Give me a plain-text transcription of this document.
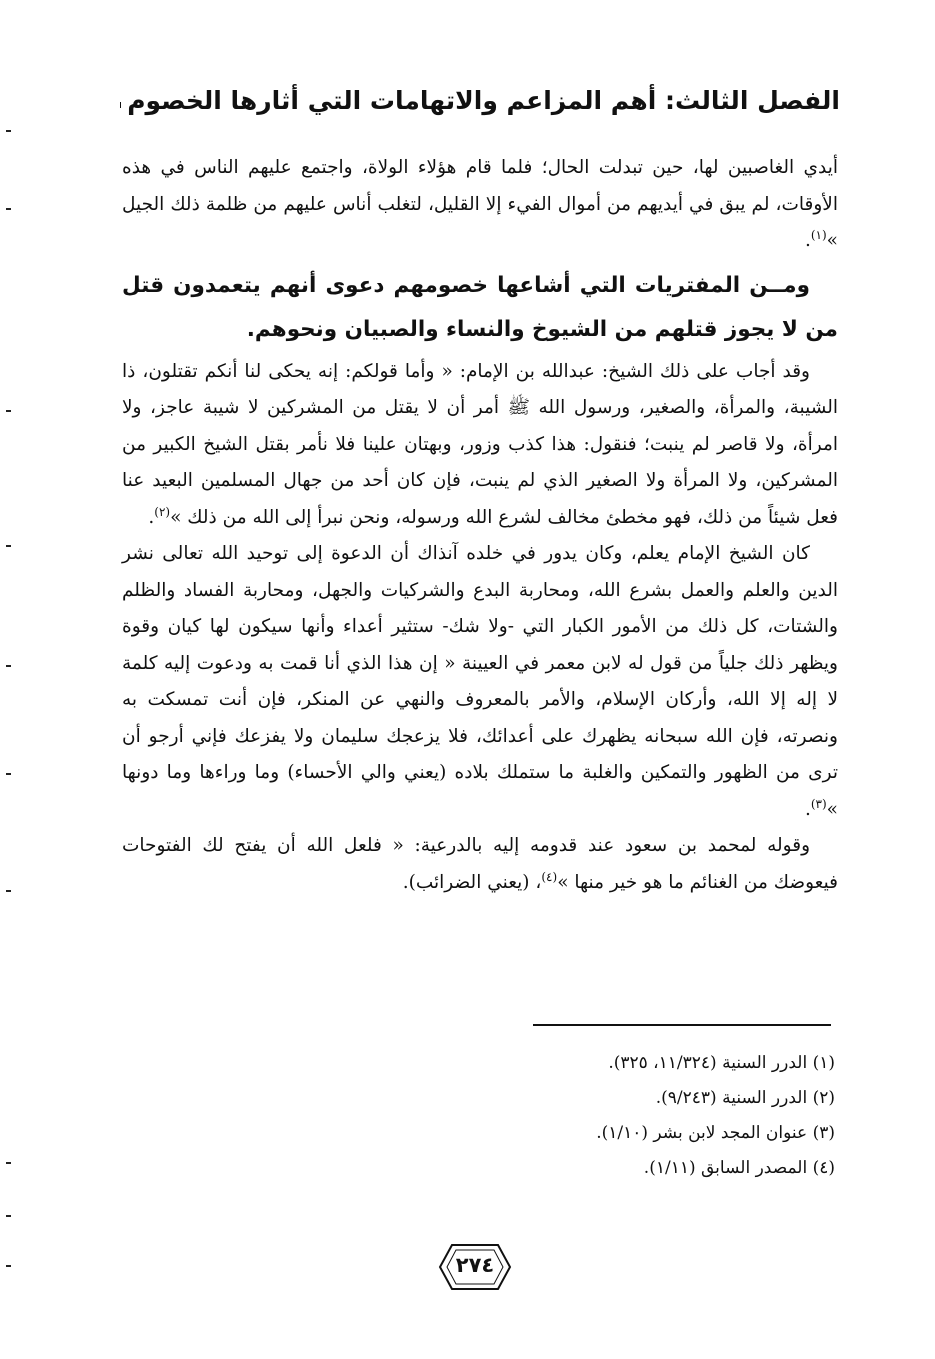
الفصل الثالث: أهم المزاعم والاتهامات التي أثارها الخصوم

أيدي الغاصبين لها، حين تبدلت الحال؛ فلما قام هؤلاء الولاة، واجتمع عليهم الناس في هذه الأوقات، لم يبق في أيديهم من أموال الفيء إلا القليل، لتغلب أناس عليهم من ظلمة ذلك الجيل »$^{(١)}$.

ومــن المفتريات التي أشاعها خصومهم دعوى أنهم يتعمدون قتل من لا يجوز قتلهم من الشيوخ والنساء والصبيان ونحوهم.

وقد أجاب على ذلك الشيخ: عبدالله بن الإمام: « وأما قولكم: إنه يحكى لنا أنكم تقتلون، ذا الشيبة، والمرأة، والصغير، ورسول الله ﷺ أمر أن لا يقتل من المشركين لا شيبة عاجز، ولا امرأة، ولا قاصر لم ينبت؛ فنقول: هذا كذب وزور، وبهتان علينا فلا نأمر بقتل الشيخ الكبير من المشركين، ولا المرأة ولا الصغير الذي لم ينبت، فإن كان أحد من جهال المسلمين البعيد عنا فعل شيئاً من ذلك، فهو مخطئ مخالف لشرع الله ورسوله، ونحن نبرأ إلى الله من ذلك »$^{(٢)}$.

كان الشيخ الإمام يعلم، وكان يدور في خلده آنذاك أن الدعوة إلى توحيد الله تعالى نشر الدين والعلم والعمل بشرع الله، ومحاربة البدع والشركيات والجهل، ومحاربة الفساد والظلم والشتات، كل ذلك من الأمور الكبار التي -ولا شك- ستثير أعداء وأنها سيكون لها كيان وقوة ويظهر ذلك جلياً من قول له لابن معمر في العيينة « إن هذا الذي أنا قمت به ودعوت إليه كلمة لا إله إلا الله، وأركان الإسلام، والأمر بالمعروف والنهي عن المنكر، فإن أنت تمسكت به ونصرته، فإن الله سبحانه يظهرك على أعدائك، فلا يزعجك سليمان ولا يفزعك فإني أرجو أن ترى من الظهور والتمكين والغلبة ما ستملك بلاده (يعني والي الأحساء) وما وراءها وما دونها »$^{(٣)}$.

وقوله لمحمد بن سعود عند قدومه إليه بالدرعية: « فلعل الله أن يفتح لك الفتوحات فيعوضك من الغنائم ما هو خير منها »$^{(٤)}$، (يعني الضرائب).

(١) الدرر السنية (١١/٣٢٤، ٣٢٥).
(٢) الدرر السنية (٩/٢٤٣).
(٣) عنوان المجد لابن بشر (١/١٠).
(٤) المصدر السابق (١/١١).
٢٧٤
